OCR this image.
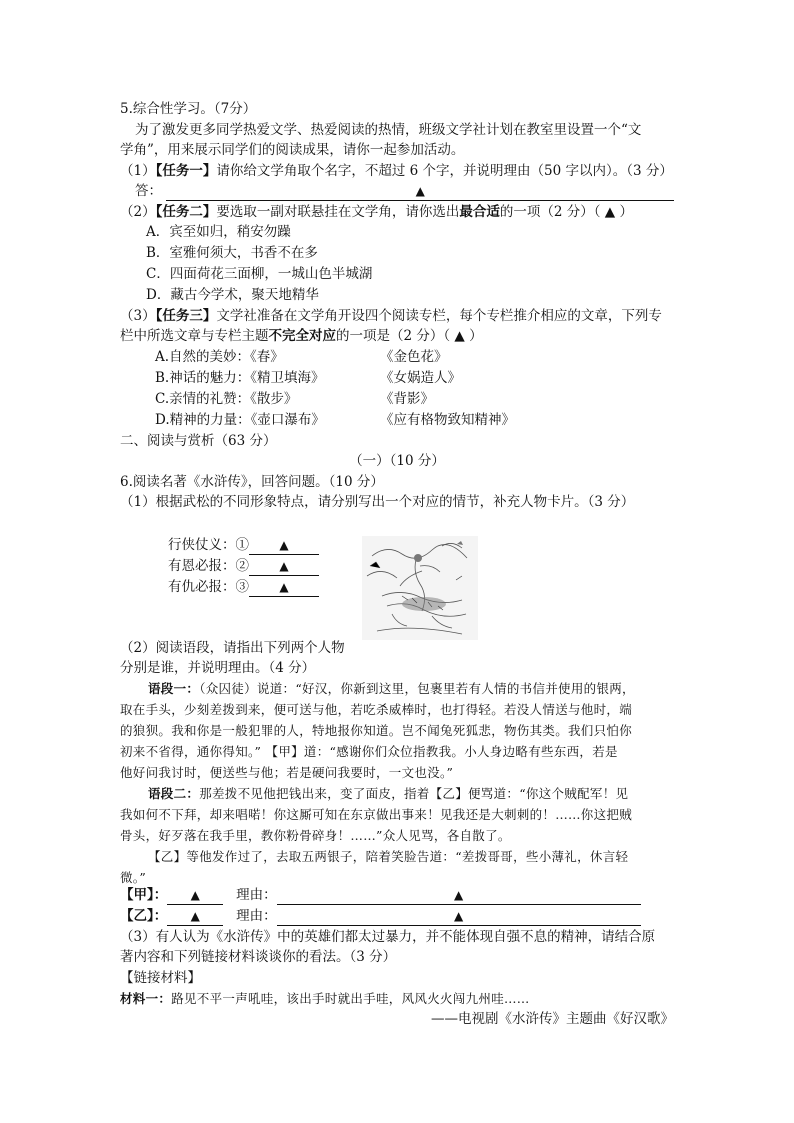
5.综合性学习。（7分）
为了激发更多同学热爱文学、热爱阅读的热情，班级文学社计划在教室里设置一个“文
学角”，用来展示同学们的阅读成果，请你一起参加活动。
（1）【任务一】请你给文学角取个名字，不超过 6 个字，并说明理由（50 字以内）。（3 分）
答：	▲
（2）【任务二】要选取一副对联悬挂在文学角，请你选出最合适的一项（2 分）（ ▲ ）
A．宾至如归，稍安勿躁
B．室雅何须大，书香不在多
C．四面荷花三面柳，一城山色半城湖
D．藏古今学术，聚天地精华
（3）【任务三】文学社准备在文学角开设四个阅读专栏，每个专栏推介相应的文章，下列专
栏中所选文章与专栏主题不完全对应的一项是（2 分）（ ▲ ）
A.自然的美妙：《春》	《金色花》
B.神话的魅力：《精卫填海》	《女娲造人》
C.亲情的礼赞：《散步》	《背影》
D.精神的力量：《壶口瀑布》	《应有格物致知精神》
二、阅读与赏析（63 分）
（一）（10 分）
6.阅读名著《水浒传》，回答问题。（10 分）
（1）根据武松的不同形象特点，请分别写出一个对应的情节，补充人物卡片。（3 分）
行侠仗义：①	▲
有恩必报：②	▲
有仇必报：③	▲
（2）阅读语段，请指出下列两个人物
分别是谁，并说明理由。（4 分）
语段一：（众囚徒）说道：“好汉，你新到这里，包裹里若有人情的书信并使用的银两，
取在手头，少刻差拨到来，便可送与他，若吃杀威棒时，也打得轻。若没人情送与他时，端
的狼狈。我和你是一般犯罪的人，特地报你知道。岂不闻兔死狐悲，物伤其类。我们只怕你
初来不省得，通你得知。” 【甲】道：“感谢你们众位指教我。小人身边略有些东西，若是
他好问我讨时，便送些与他；若是硬问我要时，一文也没。”
语段二：那差拨不见他把钱出来，变了面皮，指着【乙】便骂道：“你这个贼配军！见
我如何不下拜，却来唱喏！你这厮可知在东京做出事来！见我还是大刺刺的！……你这把贼
骨头，好歹落在我手里，教你粉骨碎身！……”众人见骂，各自散了。
【乙】等他发作过了，去取五两银子，陪着笑脸告道：“差拨哥哥，些小薄礼，休言轻
微。”
【甲】： ▲	理由：	▲
【乙】： ▲	理由：	▲
（3）有人认为《水浒传》中的英雄们都太过暴力，并不能体现自强不息的精神，请结合原
著内容和下列链接材料谈谈你的看法。（3 分）
【链接材料】
材料一：路见不平一声吼哇，该出手时就出手哇，风风火火闯九州哇……
——电视剧《水浒传》主题曲《好汉歌》
